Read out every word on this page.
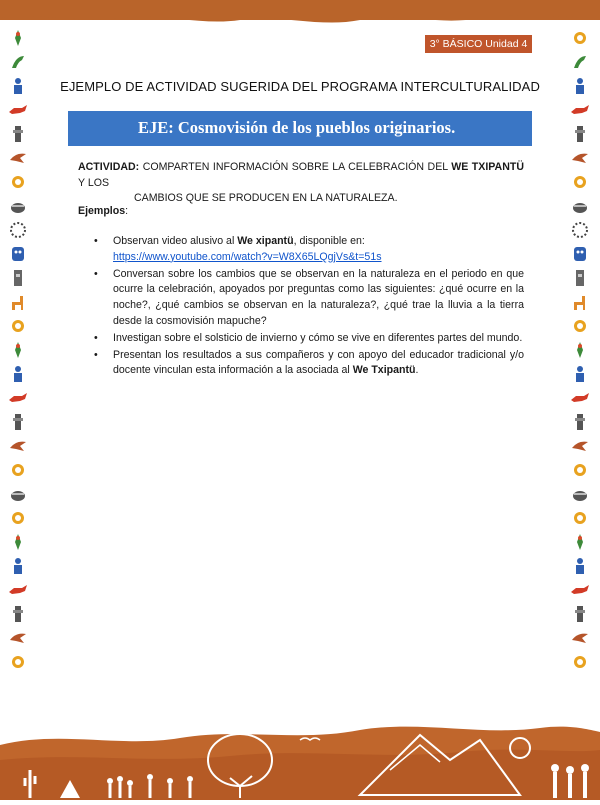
3° BÁSICO Unidad 4
EJEMPLO DE ACTIVIDAD SUGERIDA DEL PROGRAMA INTERCULTURALIDAD
EJE: Cosmovisión de los pueblos originarios.
ACTIVIDAD: COMPARTEN INFORMACIÓN SOBRE LA CELEBRACIÓN DEL WE TXIPANTÜ Y LOS
CAMBIOS QUE SE PRODUCEN EN LA NATURALEZA.
Ejemplos:
• Observan video alusivo al We xipantü, disponible en:
https://www.youtube.com/watch?v=W8X65LQgjVs&t=51s
• Conversan sobre los cambios que se observan en la naturaleza en el periodo en que ocurre la celebración, apoyados por preguntas como las siguientes: ¿qué ocurre en la noche?, ¿qué cambios se observan en la naturaleza?, ¿qué trae la lluvia a la tierra desde la cosmovisión mapuche?
• Investigan sobre el solsticio de invierno y cómo se vive en diferentes partes del mundo.
• Presentan los resultados a sus compañeros y con apoyo del educador tradicional y/o docente vinculan esta información a la asociada al We Txipantü.
